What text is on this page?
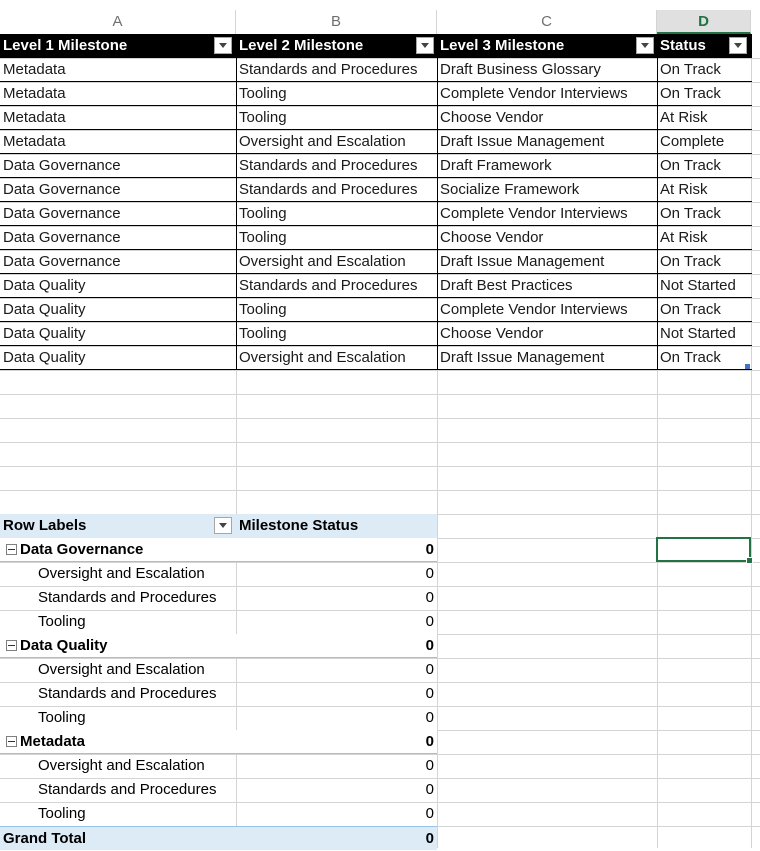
A	B	C	D
Level 1 Milestone	Level 2 Milestone	Level 3 Milestone	Status
Metadata	Standards and Procedures	Draft Business Glossary	On Track
Metadata	Tooling	Complete Vendor Interviews	On Track
Metadata	Tooling	Choose Vendor	At Risk
Metadata	Oversight and Escalation	Draft Issue Management	Complete
Data Governance	Standards and Procedures	Draft Framework	On Track
Data Governance	Standards and Procedures	Socialize Framework	At Risk
Data Governance	Tooling	Complete Vendor Interviews	On Track
Data Governance	Tooling	Choose Vendor	At Risk
Data Governance	Oversight and Escalation	Draft Issue Management	On Track
Data Quality	Standards and Procedures	Draft Best Practices	Not Started
Data Quality	Tooling	Complete Vendor Interviews	On Track
Data Quality	Tooling	Choose Vendor	Not Started
Data Quality	Oversight and Escalation	Draft Issue Management	On Track
Row Labels	Milestone Status
Data Governance	0
Oversight and Escalation	0
Standards and Procedures	0
Tooling	0
Data Quality	0
Oversight and Escalation	0
Standards and Procedures	0
Tooling	0
Metadata	0
Oversight and Escalation	0
Standards and Procedures	0
Tooling	0
Grand Total	0
